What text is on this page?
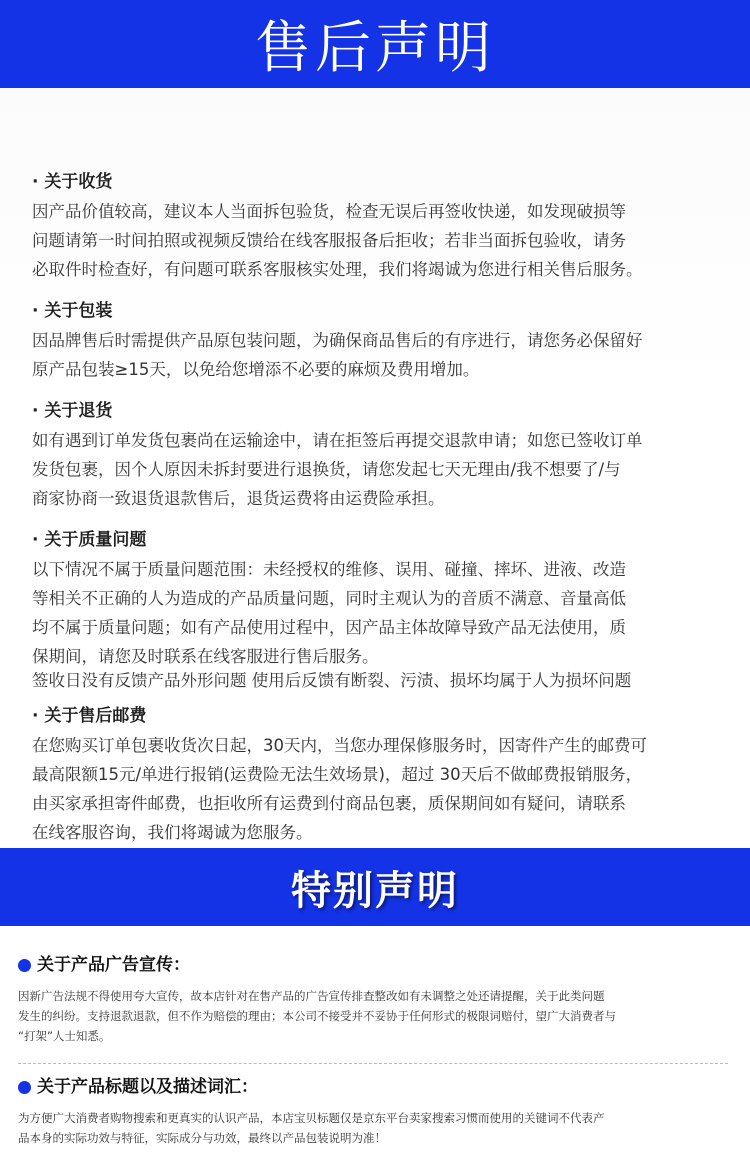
售后声明
· 关于收货

因产品价值较高，建议本人当面拆包验货，检查无误后再签收快递，如发现破损等
问题请第一时间拍照或视频反馈给在线客服报备后拒收；若非当面拆包验收，请务
必取件时检查好，有问题可联系客服核实处理，我们将竭诚为您进行相关售后服务。

· 关于包装

因品牌售后时需提供产品原包装问题，为确保商品售后的有序进行，请您务必保留好
原产品包装≥15天，以免给您增添不必要的麻烦及费用增加。

· 关于退货

如有遇到订单发货包裹尚在运输途中，请在拒签后再提交退款申请；如您已签收订单
发货包裹，因个人原因未拆封要进行退换货，请您发起七天无理由/我不想要了/与
商家协商一致退货退款售后，退货运费将由运费险承担。

· 关于质量问题

以下情况不属于质量问题范围：未经授权的维修、误用、碰撞、摔坏、进液、改造
等相关不正确的人为造成的产品质量问题，同时主观认为的音质不满意、音量高低
均不属于质量问题；如有产品使用过程中，因产品主体故障导致产品无法使用，质
保期间，请您及时联系在线客服进行售后服务。

签收日没有反馈产品外形问题 使用后反馈有断裂、污渍、损坏均属于人为损坏问题
· 关于售后邮费

在您购买订单包裹收货次日起，30天内，当您办理保修服务时，因寄件产生的邮费可
最高限额15元/单进行报销(运费险无法生效场景)，超过 30天后不做邮费报销服务，
由买家承担寄件邮费，也拒收所有运费到付商品包裹，质保期间如有疑问，请联系
在线客服咨询，我们将竭诚为您服务。

特别声明
关于产品广告宣传：

因新广告法规不得使用夸大宣传，故本店针对在售产品的广告宣传排查整改如有未调整之处还请提醒，关于此类问题
发生的纠纷。支持退款退款，但不作为赔偿的理由；本公司不接受并不妥协于任何形式的极限词赔付，望广大消费者与
“打架”人士知悉。

关于产品标题以及描述词汇：

为方便广大消费者购物搜索和更真实的认识产品，本店宝贝标题仅是京东平台卖家搜索习惯而使用的关键词不代表产
品本身的实际功效与特征，实际成分与功效，最终以产品包装说明为准！
